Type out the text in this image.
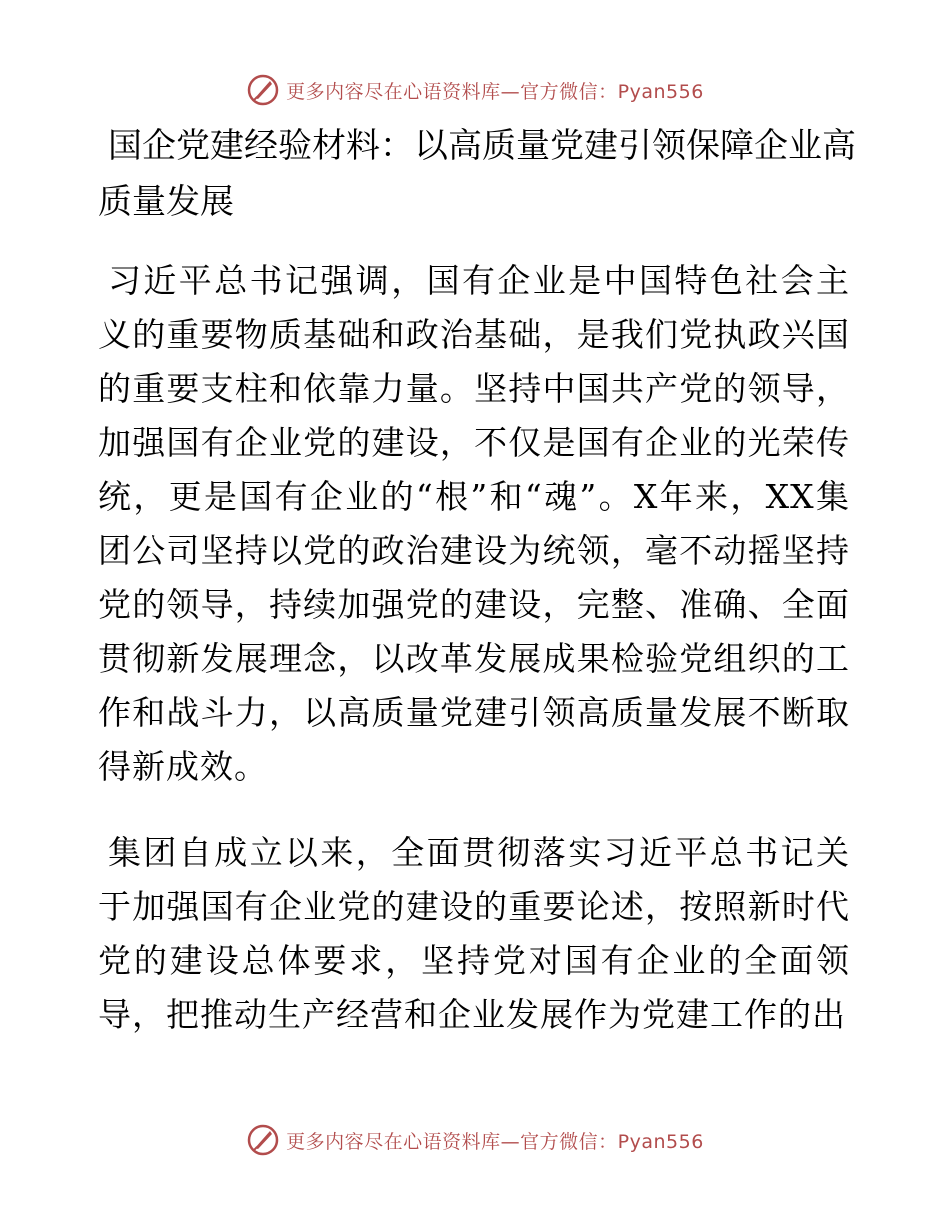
更多内容尽在心语资料库—官方微信：Pyan556
国企党建经验材料：以高质量党建引领保障企业高质量发展

习近平总书记强调，国有企业是中国特色社会主义的重要物质基础和政治基础，是我们党执政兴国的重要支柱和依靠力量。坚持中国共产党的领导，加强国有企业党的建设，不仅是国有企业的光荣传统，更是国有企业的“根”和“魂”。X年来，XX集团公司坚持以党的政治建设为统领，毫不动摇坚持党的领导，持续加强党的建设，完整、准确、全面贯彻新发展理念，以改革发展成果检验党组织的工作和战斗力，以高质量党建引领高质量发展不断取得新成效。

集团自成立以来，全面贯彻落实习近平总书记关于加强国有企业党的建设的重要论述，按照新时代党的建设总体要求，坚持党对国有企业的全面领导，把推动生产经营和企业发展作为党建工作的出

更多内容尽在心语资料库—官方微信：Pyan556
